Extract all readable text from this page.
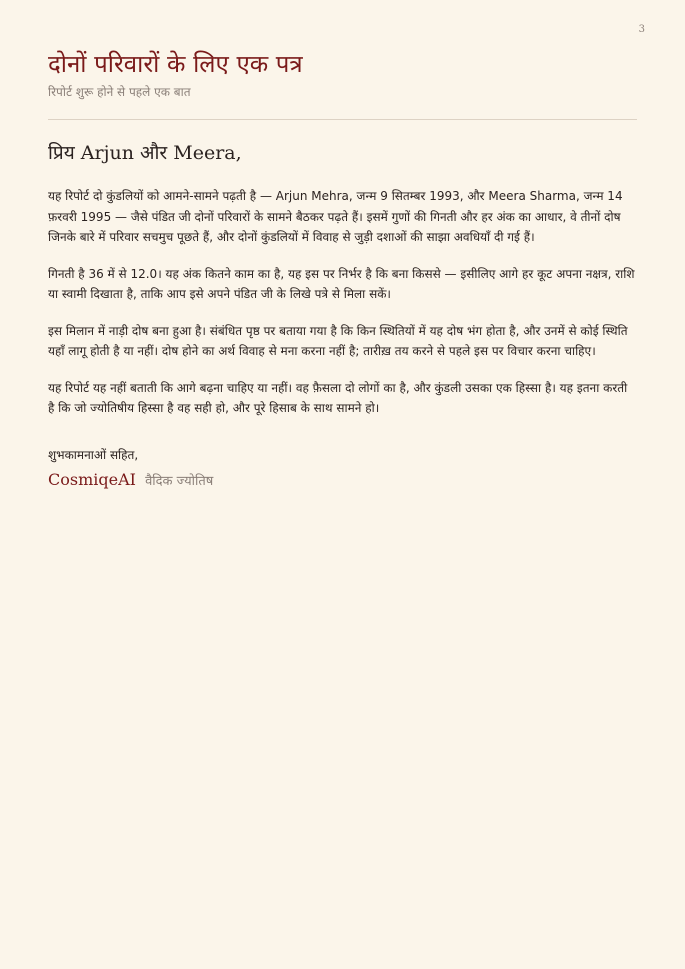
3
दोनों परिवारों के लिए एक पत्र

रिपोर्ट शुरू होने से पहले एक बात

प्रिय Arjun और Meera,

यह रिपोर्ट दो कुंडलियों को आमने-सामने पढ़ती है — Arjun Mehra, जन्म 9 सितम्बर 1993, और Meera Sharma, जन्म 14 फ़रवरी 1995 — जैसे पंडित जी दोनों परिवारों के सामने बैठकर पढ़ते हैं। इसमें गुणों की गिनती और हर अंक का आधार, वे तीनों दोष जिनके बारे में परिवार सचमुच पूछते हैं, और दोनों कुंडलियों में विवाह से जुड़ी दशाओं की साझा अवधियाँ दी गई हैं।

गिनती है 36 में से 12.0। यह अंक कितने काम का है, यह इस पर निर्भर है कि बना किससे — इसीलिए आगे हर कूट अपना नक्षत्र, राशि या स्वामी दिखाता है, ताकि आप इसे अपने पंडित जी के लिखे पत्रे से मिला सकें।

इस मिलान में नाड़ी दोष बना हुआ है। संबंधित पृष्ठ पर बताया गया है कि किन स्थितियों में यह दोष भंग होता है, और उनमें से कोई स्थिति यहाँ लागू होती है या नहीं। दोष होने का अर्थ विवाह से मना करना नहीं है; तारीख़ तय करने से पहले इस पर विचार करना चाहिए।

यह रिपोर्ट यह नहीं बताती कि आगे बढ़ना चाहिए या नहीं। वह फ़ैसला दो लोगों का है, और कुंडली उसका एक हिस्सा है। यह इतना करती है कि जो ज्योतिषीय हिस्सा है वह सही हो, और पूरे हिसाब के साथ सामने हो।

शुभकामनाओं सहित,

CosmiqeAI वैदिक ज्योतिष
